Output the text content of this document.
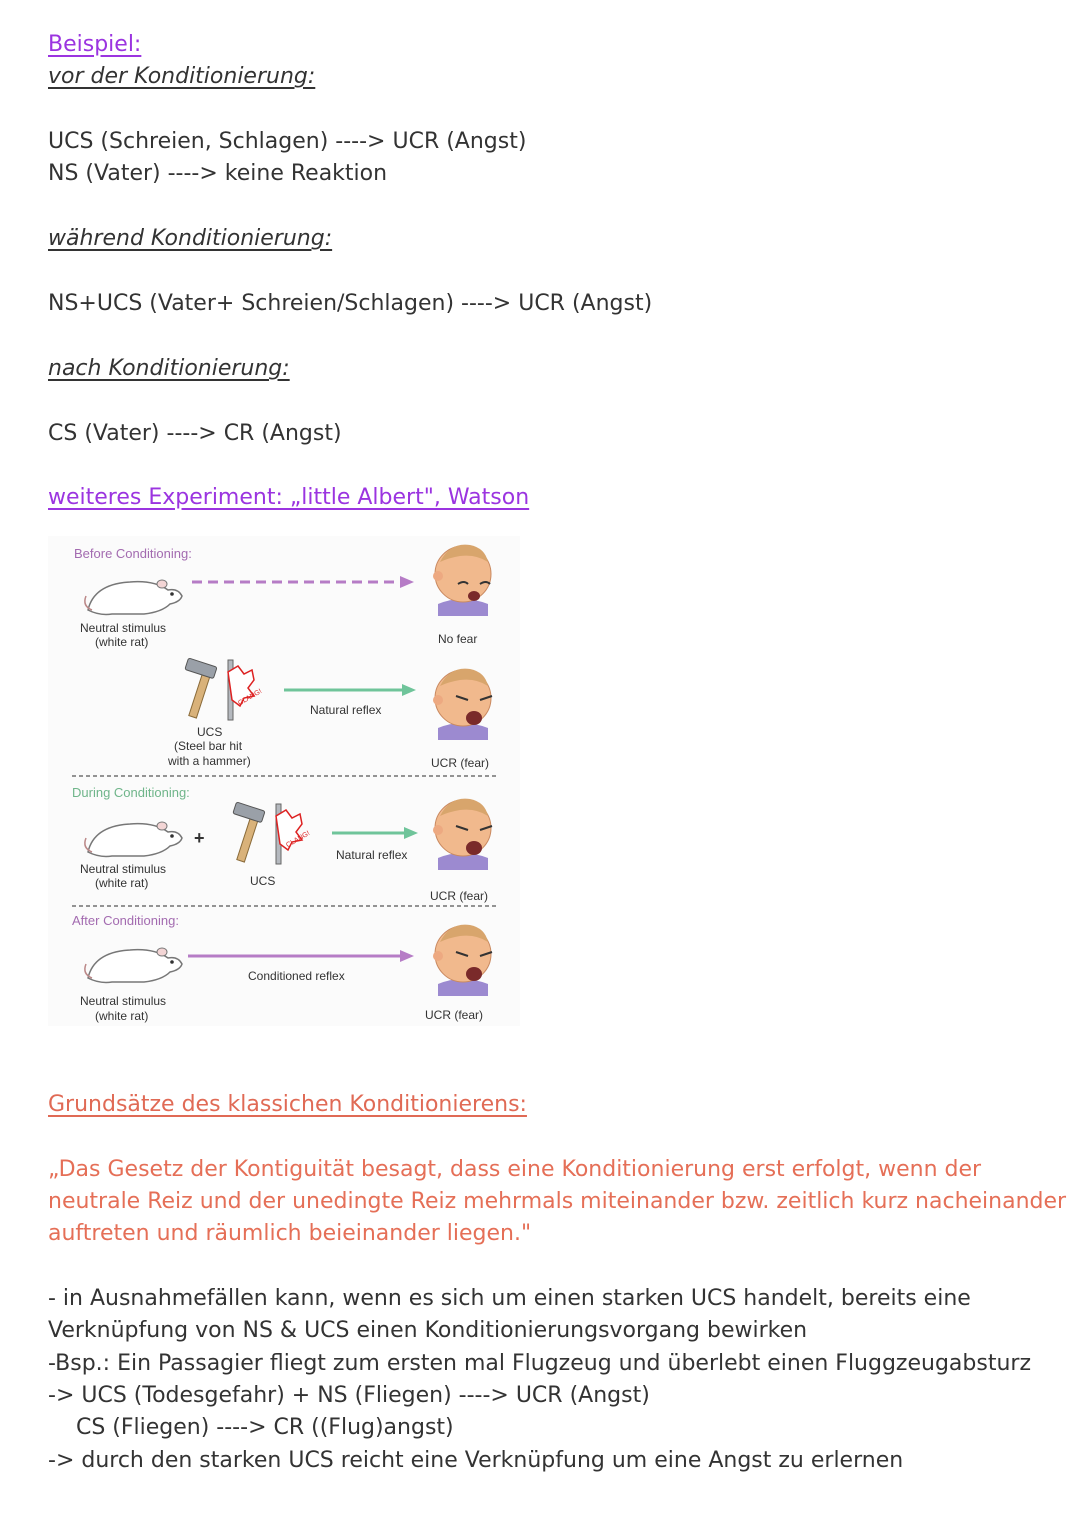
Beispiel:
vor der Konditionierung:
UCS (Schreien, Schlagen) ----> UCR (Angst)
NS (Vater) ----> keine Reaktion
während Konditionierung:
NS+UCS (Vater+ Schreien/Schlagen) ----> UCR (Angst)
nach Konditionierung:
CS (Vater) ----> CR (Angst)
weiteres Experiment: „little Albert", Watson
Before Conditioning:
Neutral stimulus
(white rat)	No fear
CLANG!
Natural reflex
UCS
(Steel bar hit
with a hammer)	UCR (fear)
During Conditioning:
+	CLANG!
Natural reflex
Neutral stimulus
(white rat)	UCS
UCR (fear)
After Conditioning:
Conditioned reflex
Neutral stimulus
(white rat)	UCR (fear)
Grundsätze des klassichen Konditionierens:
„Das Gesetz der Kontiguität besagt, dass eine Konditionierung erst erfolgt, wenn der
neutrale Reiz und der unedingte Reiz mehrmals miteinander bzw. zeitlich kurz nacheinander
auftreten und räumlich beieinander liegen."
- in Ausnahmefällen kann, wenn es sich um einen starken UCS handelt, bereits eine
Verknüpfung von NS & UCS einen Konditionierungsvorgang bewirken
-Bsp.: Ein Passagier fliegt zum ersten mal Flugzeug und überlebt einen Fluggzeugabsturz
-> UCS (Todesgefahr) + NS (Fliegen) ----> UCR (Angst)
CS (Fliegen) ----> CR ((Flug)angst)
-> durch den starken UCS reicht eine Verknüpfung um eine Angst zu erlernen
